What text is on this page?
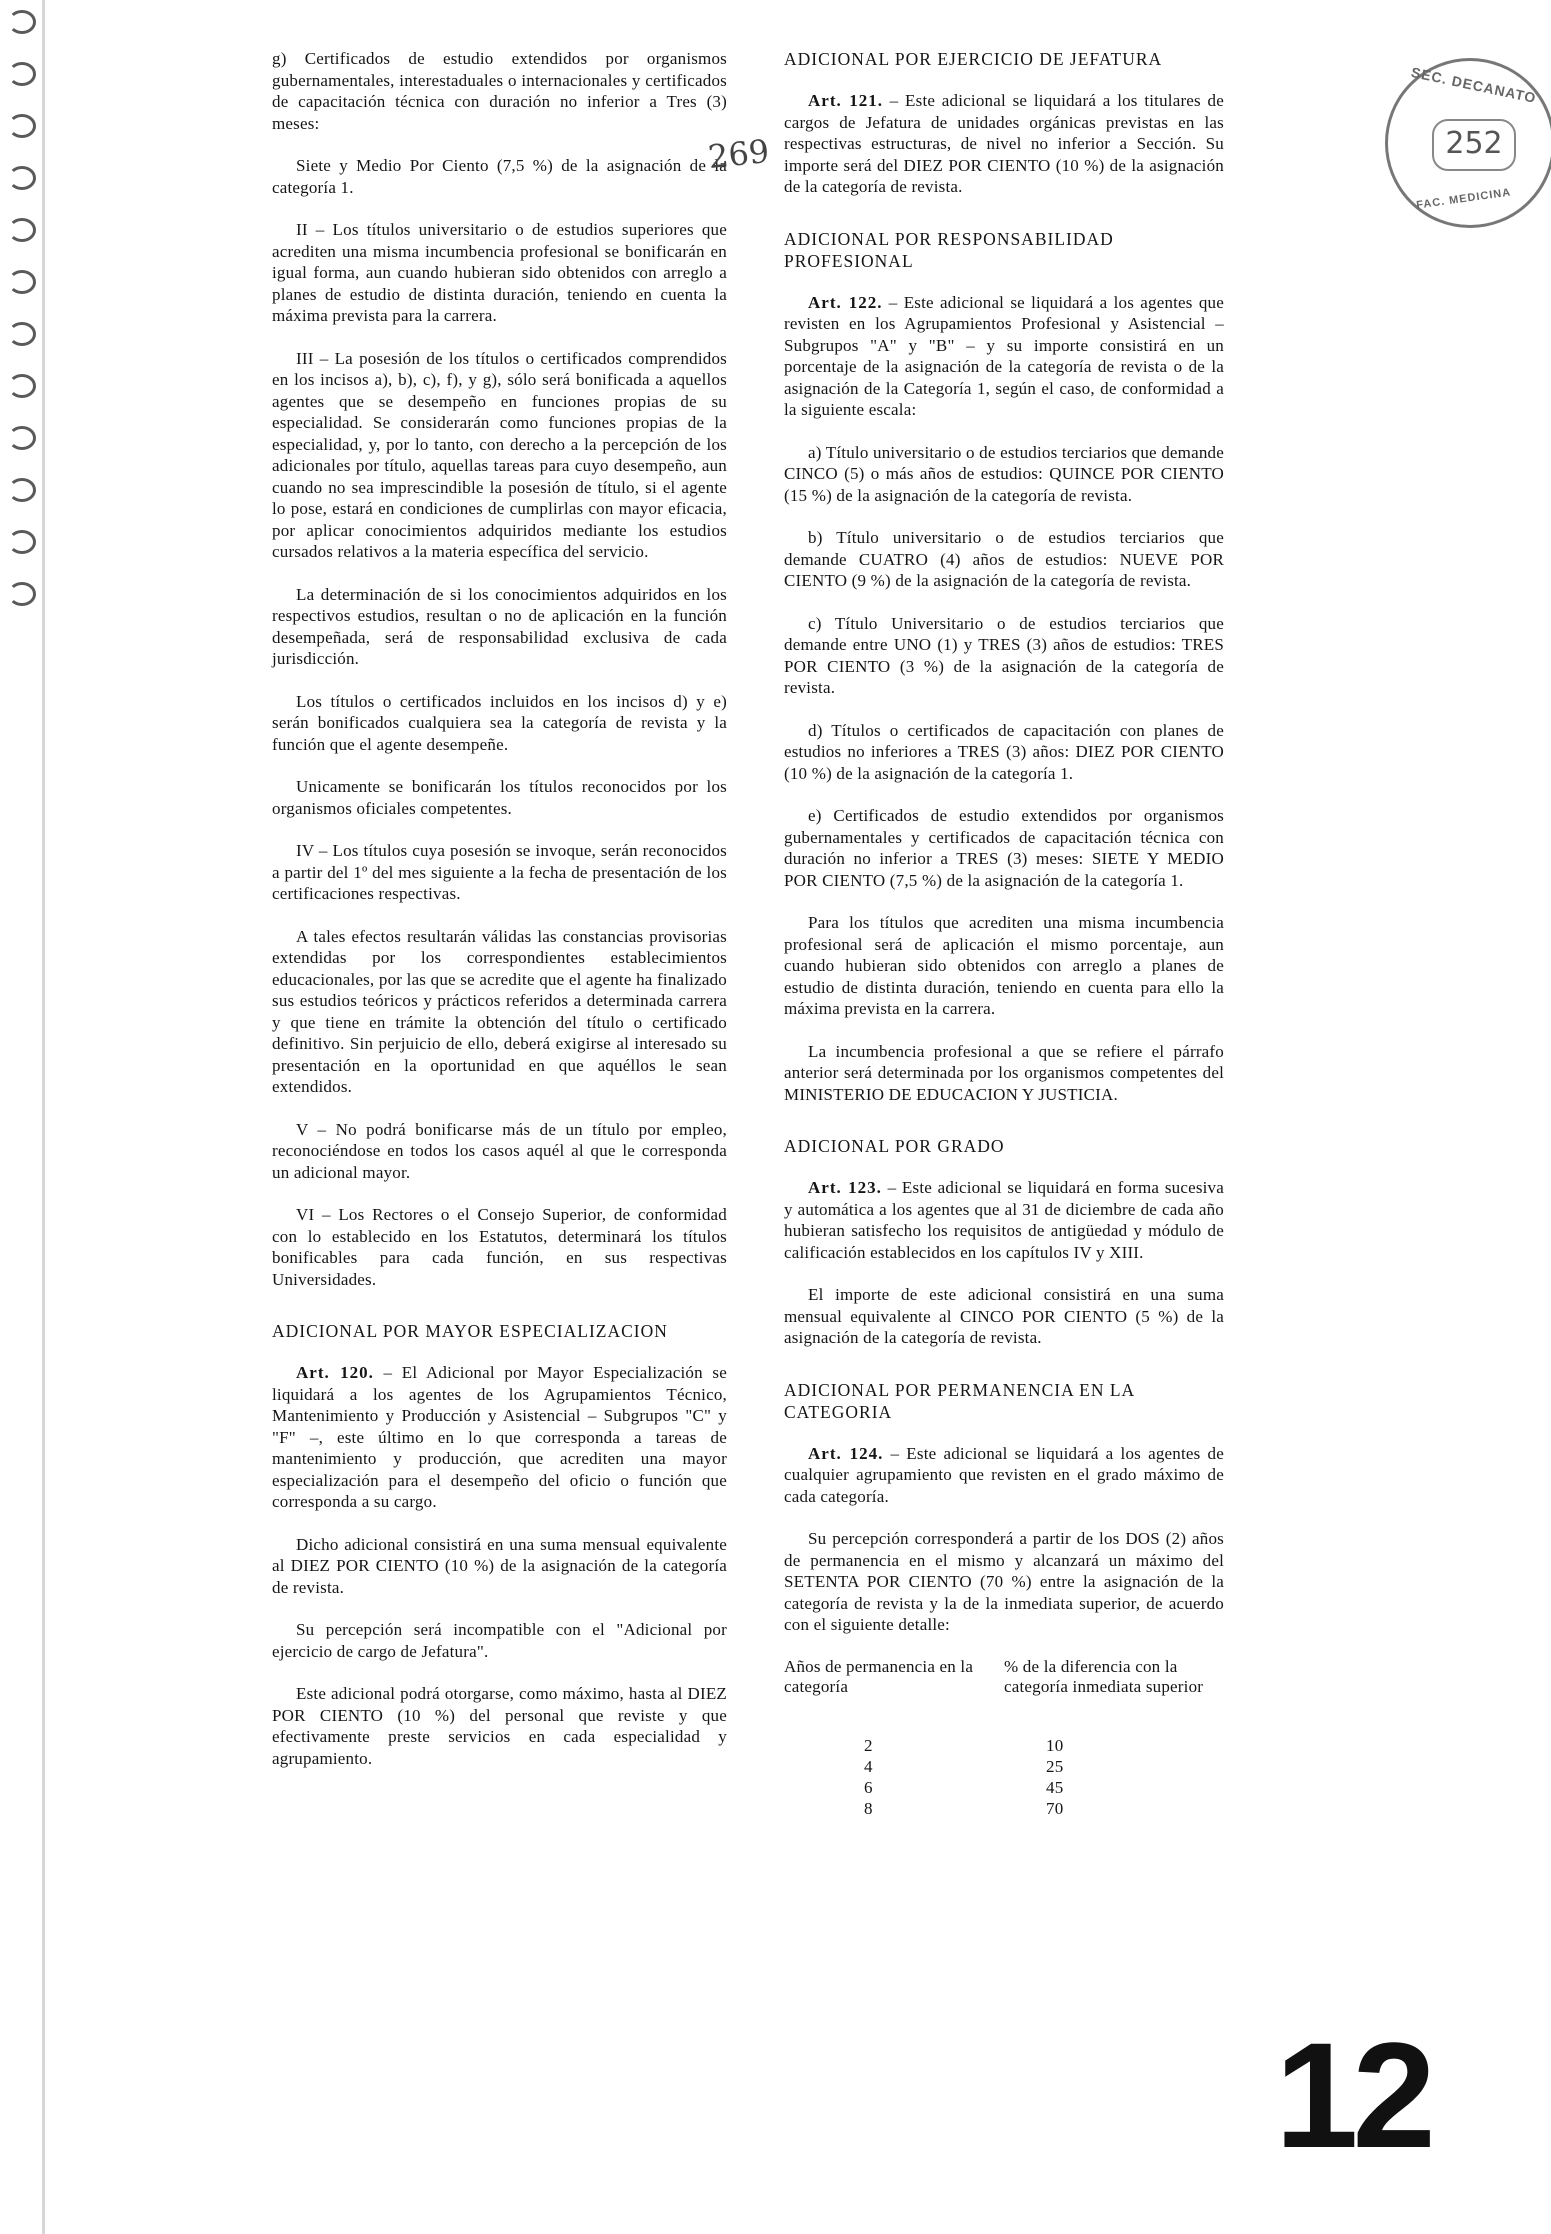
g) Certificados de estudio extendidos por organismos gubernamentales, interestaduales o internacionales y certificados de capacitación técnica con duración no inferior a Tres (3) meses:

Siete y Medio Por Ciento (7,5 %) de la asignación de la categoría 1.

II – Los títulos universitario o de estudios superiores que acrediten una misma incumbencia profesional se bonificarán en igual forma, aun cuando hubieran sido obtenidos con arreglo a planes de estudio de distinta duración, teniendo en cuenta la máxima prevista para la carrera.

III – La posesión de los títulos o certificados comprendidos en los incisos a), b), c), f), y g), sólo será bonificada a aquellos agentes que se desempeño en funciones propias de su especialidad. Se considerarán como funciones propias de la especialidad, y, por lo tanto, con derecho a la percepción de los adicionales por título, aquellas tareas para cuyo desempeño, aun cuando no sea imprescindible la posesión de título, si el agente lo pose, estará en condiciones de cumplirlas con mayor eficacia, por aplicar conocimientos adquiridos mediante los estudios cursados relativos a la materia específica del servicio.

La determinación de si los conocimientos adquiridos en los respectivos estudios, resultan o no de aplicación en la función desempeñada, será de responsabilidad exclusiva de cada jurisdicción.

Los títulos o certificados incluidos en los incisos d) y e) serán bonificados cualquiera sea la categoría de revista y la función que el agente desempeñe.

Unicamente se bonificarán los títulos reconocidos por los organismos oficiales competentes.

IV – Los títulos cuya posesión se invoque, serán reconocidos a partir del 1º del mes siguiente a la fecha de presentación de los certificaciones respectivas.

A tales efectos resultarán válidas las constancias provisorias extendidas por los correspondientes establecimientos educacionales, por las que se acredite que el agente ha finalizado sus estudios teóricos y prácticos referidos a determinada carrera y que tiene en trámite la obtención del título o certificado definitivo. Sin perjuicio de ello, deberá exigirse al interesado su presentación en la oportunidad en que aquéllos le sean extendidos.

V – No podrá bonificarse más de un título por empleo, reconociéndose en todos los casos aquél al que le corresponda un adicional mayor.

VI – Los Rectores o el Consejo Superior, de conformidad con lo establecido en los Estatutos, determinará los títulos bonificables para cada función, en sus respectivas Universidades.

ADICIONAL POR MAYOR ESPECIALIZACION

Art. 120. – El Adicional por Mayor Especialización se liquidará a los agentes de los Agrupamientos Técnico, Mantenimiento y Producción y Asistencial – Subgrupos "C" y "F" –, este último en lo que corresponda a tareas de mantenimiento y producción, que acrediten una mayor especialización para el desempeño del oficio o función que corresponda a su cargo.

Dicho adicional consistirá en una suma mensual equivalente al DIEZ POR CIENTO (10 %) de la asignación de la categoría de revista.

Su percepción será incompatible con el "Adicional por ejercicio de cargo de Jefatura".

Este adicional podrá otorgarse, como máximo, hasta al DIEZ POR CIENTO (10 %) del personal que reviste y que efectivamente preste servicios en cada especialidad y agrupamiento.

ADICIONAL POR EJERCICIO DE JEFATURA

Art. 121. – Este adicional se liquidará a los titulares de cargos de Jefatura de unidades orgánicas previstas en las respectivas estructuras, de nivel no inferior a Sección. Su importe será del DIEZ POR CIENTO (10 %) de la asignación de la categoría de revista.

ADICIONAL POR RESPONSABILIDAD PROFESIONAL

Art. 122. – Este adicional se liquidará a los agentes que revisten en los Agrupamientos Profesional y Asistencial – Subgrupos "A" y "B" – y su importe consistirá en un porcentaje de la asignación de la categoría de revista o de la asignación de la Categoría 1, según el caso, de conformidad a la siguiente escala:

a) Título universitario o de estudios terciarios que demande CINCO (5) o más años de estudios: QUINCE POR CIENTO (15 %) de la asignación de la categoría de revista.

b) Título universitario o de estudios terciarios que demande CUATRO (4) años de estudios: NUEVE POR CIENTO (9 %) de la asignación de la categoría de revista.

c) Título Universitario o de estudios terciarios que demande entre UNO (1) y TRES (3) años de estudios: TRES POR CIENTO (3 %) de la asignación de la categoría de revista.

d) Títulos o certificados de capacitación con planes de estudios no inferiores a TRES (3) años: DIEZ POR CIENTO (10 %) de la asignación de la categoría 1.

e) Certificados de estudio extendidos por organismos gubernamentales y certificados de capacitación técnica con duración no inferior a TRES (3) meses: SIETE Y MEDIO POR CIENTO (7,5 %) de la asignación de la categoría 1.

Para los títulos que acrediten una misma incumbencia profesional será de aplicación el mismo porcentaje, aun cuando hubieran sido obtenidos con arreglo a planes de estudio de distinta duración, teniendo en cuenta para ello la máxima prevista en la carrera.

La incumbencia profesional a que se refiere el párrafo anterior será determinada por los organismos competentes del MINISTERIO DE EDUCACION Y JUSTICIA.

ADICIONAL POR GRADO

Art. 123. – Este adicional se liquidará en forma sucesiva y automática a los agentes que al 31 de diciembre de cada año hubieran satisfecho los requisitos de antigüedad y módulo de calificación establecidos en los capítulos IV y XIII.

El importe de este adicional consistirá en una suma mensual equivalente al CINCO POR CIENTO (5 %) de la asignación de la categoría de revista.

ADICIONAL POR PERMANENCIA EN LA CATEGORIA

Art. 124. – Este adicional se liquidará a los agentes de cualquier agrupamiento que revisten en el grado máximo de cada categoría.

Su percepción corresponderá a partir de los DOS (2) años de permanencia en el mismo y alcanzará un máximo del SETENTA POR CIENTO (70 %) entre la asignación de la categoría de revista y la de la inmediata superior, de acuerdo con el siguiente detalle:

Años de permanencia en la categoría	% de la diferencia con la categoría inmediata superior
2	10
4	25
6	45
8	70
SEC. DECANATO
252
FAC. MEDICINA
269
12
